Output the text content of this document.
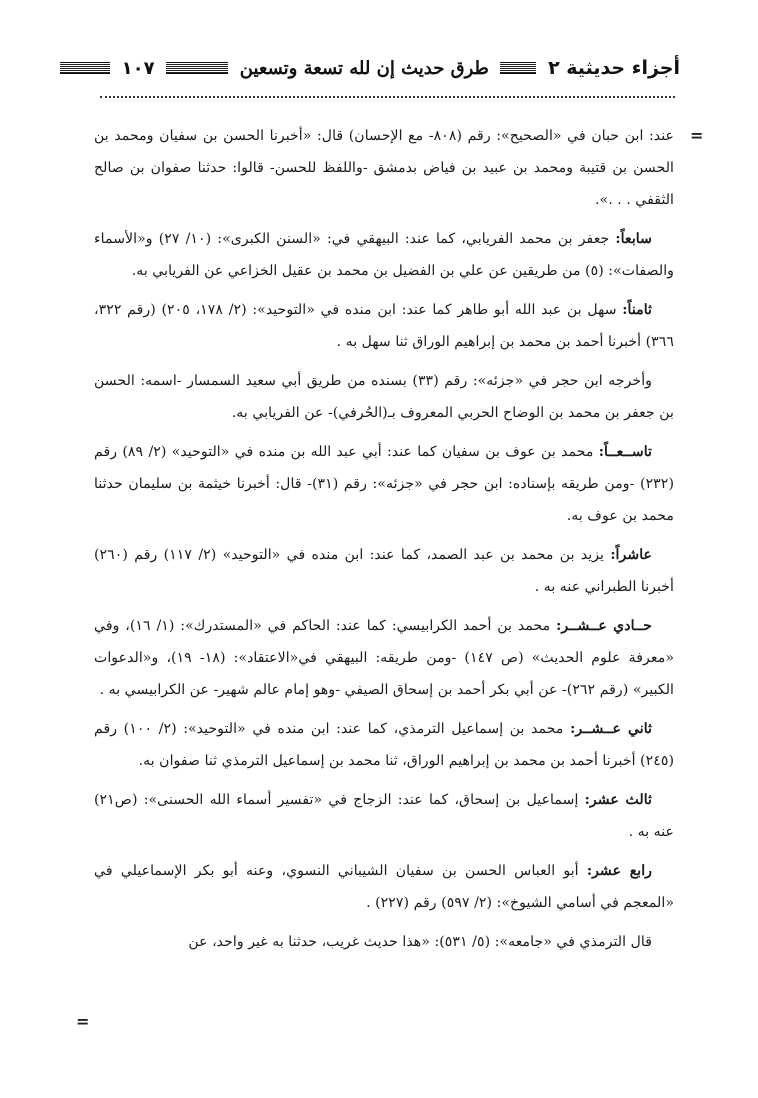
أجزاء حديثية ٢
طرق حديث إن لله تسعة وتسعين
١٠٧
=

عند: ابن حبان في «الصحيح»: رقم (٨٠٨- مع الإحسان) قال: «أخبرنا الحسن بن سفيان ومحمد بن الحسن بن قتيبة ومحمد بن عبيد بن فياض بدمشق -واللفظ للحسن- قالوا: حدثنا صفوان بن صالح الثقفي . . .».

سابعاً: جعفر بن محمد الفريابي، كما عند: البيهقي في: «السنن الكبرى»: (١٠/ ٢٧) و«الأسماء والصفات»: (٥) من طريقين عن علي بن الفضيل بن محمد بن عقيل الخزاعي عن الفريابي به.

ثامناً: سهل بن عبد الله أبو طاهر كما عند: ابن منده في «التوحيد»: (٢/ ١٧٨، ٢٠٥) (رقم ٣٢٢، ٣٦٦) أخبرنا أحمد بن محمد بن إبراهيم الوراق ثنا سهل به .

وأخرجه ابن حجر في «جزئه»: رقم (٣٣) بسنده من طريق أبي سعيد السمسار -اسمه: الحسن بن جعفر بن محمد بن الوضاح الحربي المعروف بـ(الحُرفي)- عن الفريابي به.

تاســعــاً: محمد بن عوف بن سفيان كما عند: أبي عبد الله بن منده في «التوحيد» (٢/ ٨٩) رقم (٢٣٢) -ومن طريقه بإسناده: ابن حجر في «جزئه»: رقم (٣١)- قال: أخبرنا خيثمة بن سليمان حدثنا محمد بن عوف به.

عاشراً: يزيد بن محمد بن عبد الصمد، كما عند: ابن منده في «التوحيد» (٢/ ١١٧) رقم (٢٦٠) أخبرنا الطبراني عنه به .

حــادي عــشــر: محمد بن أحمد الكرابيسي: كما عند: الحاكم في «المستدرك»: (١/ ١٦)، وفي «معرفة علوم الحديث» (ص ١٤٧) -ومن طريقه: البيهقي في«الاعتقاد»: (١٨- ١٩)، و«الدعوات الكبير» (رقم ٢٦٢)- عن أبي بكر أحمد بن إسحاق الصيفي -وهو إمام عالم شهير- عن الكرابيسي به .

ثاني عــشــر: محمد بن إسماعيل الترمذي، كما عند: ابن منده في «التوحيد»: (٢/ ١٠٠) رقم (٢٤٥) أخبرنا أحمد بن محمد بن إبراهيم الوراق، ثنا محمد بن إسماعيل الترمذي ثنا صفوان به.

ثالث عشر: إسماعيل بن إسحاق، كما عند: الزجاج في «تفسير أسماء الله الحسنى»: (ص٢١) عنه به .

رابع عشر: أبو العباس الحسن بن سفيان الشيباني النسوي، وعنه أبو بكر الإسماعيلي في «المعجم في أسامي الشيوخ»: (٢/ ٥٩٧) رقم (٢٢٧) .

قال الترمذي في «جامعه»: (٥/ ٥٣١): «هذا حديث غريب، حدثنا به غير واحد، عن

=
